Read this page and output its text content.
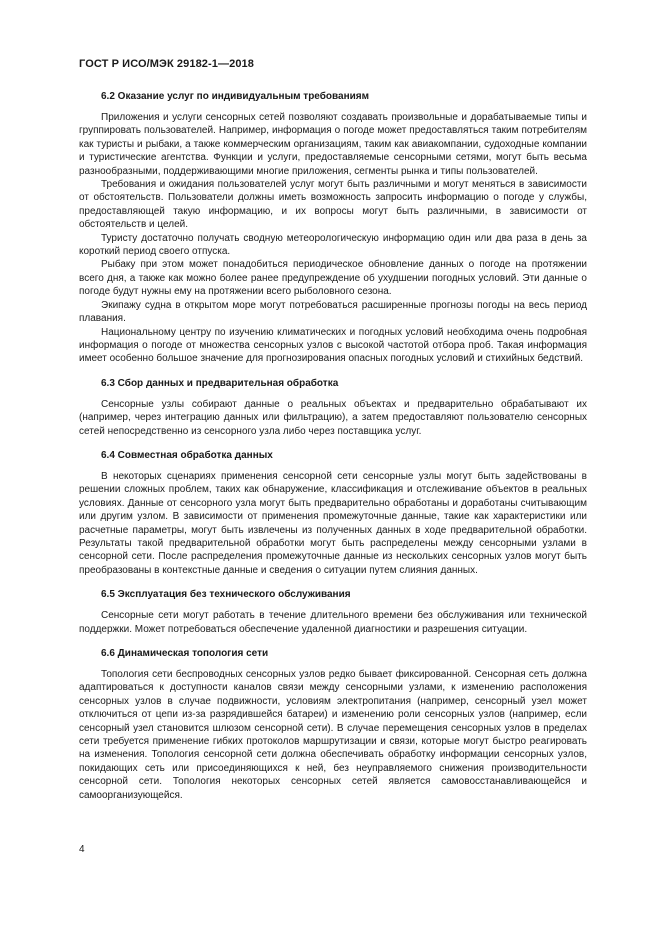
ГОСТ Р ИСО/МЭК 29182-1—2018
6.2 Оказание услуг по индивидуальным требованиям

Приложения и услуги сенсорных сетей позволяют создавать произвольные и дорабатываемые типы и группировать пользователей. Например, информация о погоде может предоставляться таким потребителям как туристы и рыбаки, а также коммерческим организациям, таким как авиакомпании, судоходные компании и туристические агентства. Функции и услуги, предоставляемые сенсорными сетями, могут быть весьма разнообразными, поддерживающими многие приложения, сегменты рынка и типы пользователей.

Требования и ожидания пользователей услуг могут быть различными и могут меняться в зависимости от обстоятельств. Пользователи должны иметь возможность запросить информацию о погоде у службы, предоставляющей такую информацию, и их вопросы могут быть различными, в зависимости от обстоятельств и целей.

Туристу достаточно получать сводную метеорологическую информацию один или два раза в день за короткий период своего отпуска.

Рыбаку при этом может понадобиться периодическое обновление данных о погоде на протяжении всего дня, а также как можно более ранее предупреждение об ухудшении погодных условий. Эти данные о погоде будут нужны ему на протяжении всего рыболовного сезона.

Экипажу судна в открытом море могут потребоваться расширенные прогнозы погоды на весь период плавания.

Национальному центру по изучению климатических и погодных условий необходима очень подробная информация о погоде от множества сенсорных узлов с высокой частотой отбора проб. Такая информация имеет особенно большое значение для прогнозирования опасных погодных условий и стихийных бедствий.

6.3 Сбор данных и предварительная обработка

Сенсорные узлы собирают данные о реальных объектах и предварительно обрабатывают их (например, через интеграцию данных или фильтрацию), а затем предоставляют пользователю сенсорных сетей непосредственно из сенсорного узла либо через поставщика услуг.

6.4 Совместная обработка данных

В некоторых сценариях применения сенсорной сети сенсорные узлы могут быть задействованы в решении сложных проблем, таких как обнаружение, классификация и отслеживание объектов в реальных условиях. Данные от сенсорного узла могут быть предварительно обработаны и доработаны считывающим или другим узлом. В зависимости от применения промежуточные данные, такие как характеристики или расчетные параметры, могут быть извлечены из полученных данных в ходе предварительной обработки. Результаты такой предварительной обработки могут быть распределены между сенсорными узлами в сенсорной сети. После распределения промежуточные данные из нескольких сенсорных узлов могут быть преобразованы в контекстные данные и сведения о ситуации путем слияния данных.

6.5 Эксплуатация без технического обслуживания

Сенсорные сети могут работать в течение длительного времени без обслуживания или технической поддержки. Может потребоваться обеспечение удаленной диагностики и разрешения ситуации.

6.6 Динамическая топология сети

Топология сети беспроводных сенсорных узлов редко бывает фиксированной. Сенсорная сеть должна адаптироваться к доступности каналов связи между сенсорными узлами, к изменению расположения сенсорных узлов в случае подвижности, условиям электропитания (например, сенсорный узел может отключиться от цепи из-за разрядившейся батареи) и изменению роли сенсорных узлов (например, если сенсорный узел становится шлюзом сенсорной сети). В случае перемещения сенсорных узлов в пределах сети требуется применение гибких протоколов маршрутизации и связи, которые могут быстро реагировать на изменения. Топология сенсорной сети должна обеспечивать обработку информации сенсорных узлов, покидающих сеть или присоединяющихся к ней, без неуправляемого снижения производительности сенсорной сети. Топология некоторых сенсорных сетей является самовосстанавливающейся и самоорганизующейся.

4
